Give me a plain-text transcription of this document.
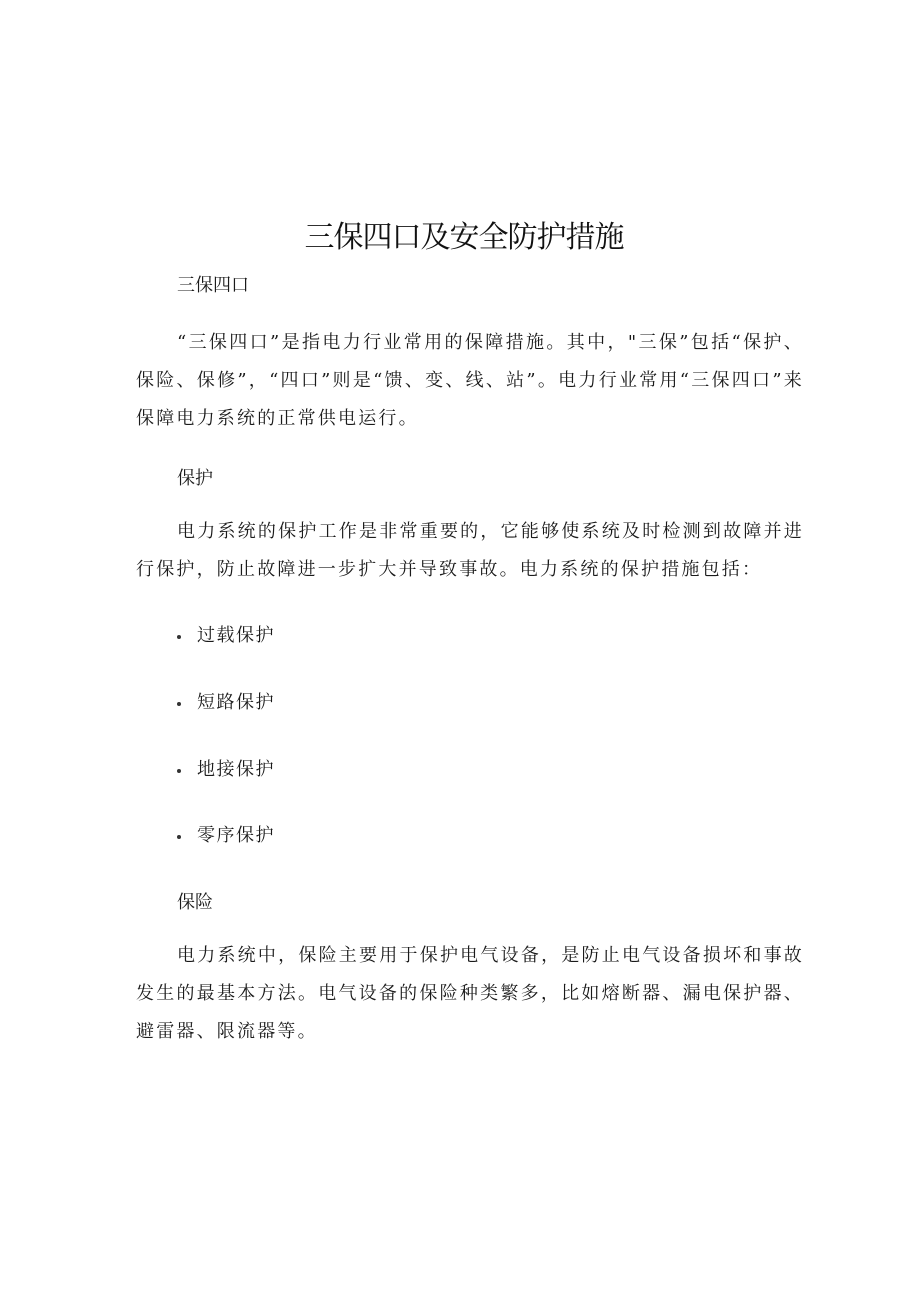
三保四口及安全防护措施

三保四口

“三保四口”是指电力行业常用的保障措施。其中，"三保”包括“保护、保险、保修”，“四口”则是“馈、变、线、站”。电力行业常用“三保四口”来保障电力系统的正常供电运行。

保护

电力系统的保护工作是非常重要的，它能够使系统及时检测到故障并进行保护，防止故障进一步扩大并导致事故。电力系统的保护措施包括：

过载保护
短路保护
地接保护
零序保护

保险

电力系统中，保险主要用于保护电气设备，是防止电气设备损坏和事故发生的最基本方法。电气设备的保险种类繁多，比如熔断器、漏电保护器、避雷器、限流器等。
